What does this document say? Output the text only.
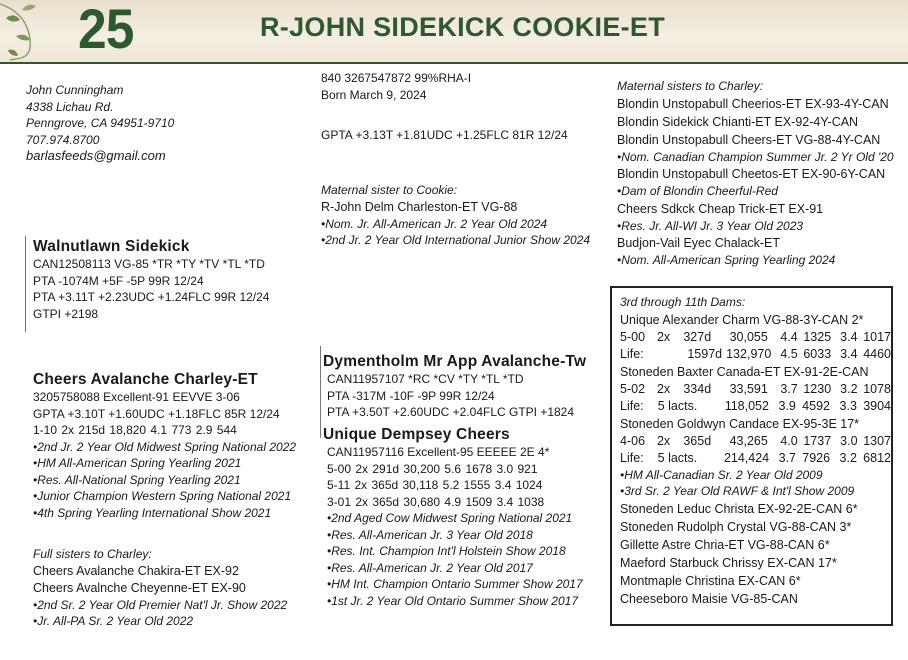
25	R-JOHN SIDEKICK COOKIE-ET
John Cunningham
4338 Lichau Rd.
Penngrove, CA 94951-9710
707.974.8700
barlasfeeds@gmail.com
840 3267547872 99%RHA-I
Born March 9, 2024
GPTA +3.13T +1.81UDC +1.25FLC 81R 12/24
Maternal sister to Cookie:
R-John Delm Charleston-ET VG-88
•Nom. Jr. All-American Jr. 2 Year Old 2024
•2nd Jr. 2 Year Old International Junior Show 2024
Walnutlawn Sidekick
CAN12508113 VG-85 *TR *TY *TV *TL *TD
PTA -1074M +5F -5P 99R 12/24
PTA +3.11T +2.23UDC +1.24FLC 99R 12/24
GTPI +2198
Cheers Avalanche Charley-ET
3205758088 Excellent-91 EEVVE 3-06
GPTA +3.10T +1.60UDC +1.18FLC 85R 12/24
1-10 2x 215d 18,820 4.1 773 2.9 544
•2nd Jr. 2 Year Old Midwest Spring National 2022
•HM All-American Spring Yearling 2021
•Res. All-National Spring Yearling 2021
•Junior Champion Western Spring National 2021
•4th Spring Yearling International Show 2021
Full sisters to Charley:
Cheers Avalanche Chakira-ET EX-92
Cheers Avalnche Cheyenne-ET EX-90
•2nd Sr. 2 Year Old Premier Nat'l Jr. Show 2022
•Jr. All-PA Sr. 2 Year Old 2022
Dymentholm Mr App Avalanche-Tw
CAN11957107 *RC *CV *TY *TL *TD
PTA -317M -10F -9P 99R 12/24
PTA +3.50T +2.60UDC +2.04FLC GTPI +1824
Unique Dempsey Cheers
CAN11957116 Excellent-95 EEEEE 2E 4*
5-00 2x 291d 30,200 5.6 1678 3.0 921
5-11 2x 365d 30,118 5.2 1555 3.4 1024
3-01 2x 365d 30,680 4.9 1509 3.4 1038
•2nd Aged Cow Midwest Spring National 2021
•Res. All-American Jr. 3 Year Old 2018
•Res. Int. Champion Int'l Holstein Show 2018
•Res. All-American Jr. 2 Year Old 2017
•HM Int. Champion Ontario Summer Show 2017
•1st Jr. 2 Year Old Ontario Summer Show 2017
Maternal sisters to Charley:
Blondin Unstopabull Cheerios-ET EX-93-4Y-CAN
Blondin Sidekick Chianti-ET EX-92-4Y-CAN
Blondin Unstopabull Cheers-ET VG-88-4Y-CAN
•Nom. Canadian Champion Summer Jr. 2 Yr Old '20
Blondin Unstopabull Cheetos-ET EX-90-6Y-CAN
•Dam of Blondin Cheerful-Red
Cheers Sdkck Cheap Trick-ET EX-91
•Res. Jr. All-WI Jr. 3 Year Old 2023
Budjon-Vail Eyec Chalack-ET
•Nom. All-American Spring Yearling 2024
3rd through 11th Dams:
Unique Alexander Charm VG-88-3Y-CAN 2*
5-00 2x	327d	30,055	4.4 1325 3.4 1017
Life:	1597d 132,970 4.5 6033 3.4 4460
Stoneden Baxter Canada-ET EX-91-2E-CAN
5-02 2x	334d	33,591	3.7 1230 3.2 1078
Life:	5 lacts.	118,052 3.9 4592 3.3 3904
Stoneden Goldwyn Candace EX-95-3E 17*
4-06 2x	365d	43,265	4.0 1737 3.0 1307
Life:	5 lacts.	214,424 3.7 7926 3.2 6812
•HM All-Canadian Sr. 2 Year Old 2009
•3rd Sr. 2 Year Old RAWF & Int'l Show 2009
Stoneden Leduc Christa EX-92-2E-CAN 6*
Stoneden Rudolph Crystal VG-88-CAN 3*
Gillette Astre Chria-ET VG-88-CAN 6*
Maeford Starbuck Chrissy EX-CAN 17*
Montmaple Christina EX-CAN 6*
Cheeseboro Maisie VG-85-CAN
